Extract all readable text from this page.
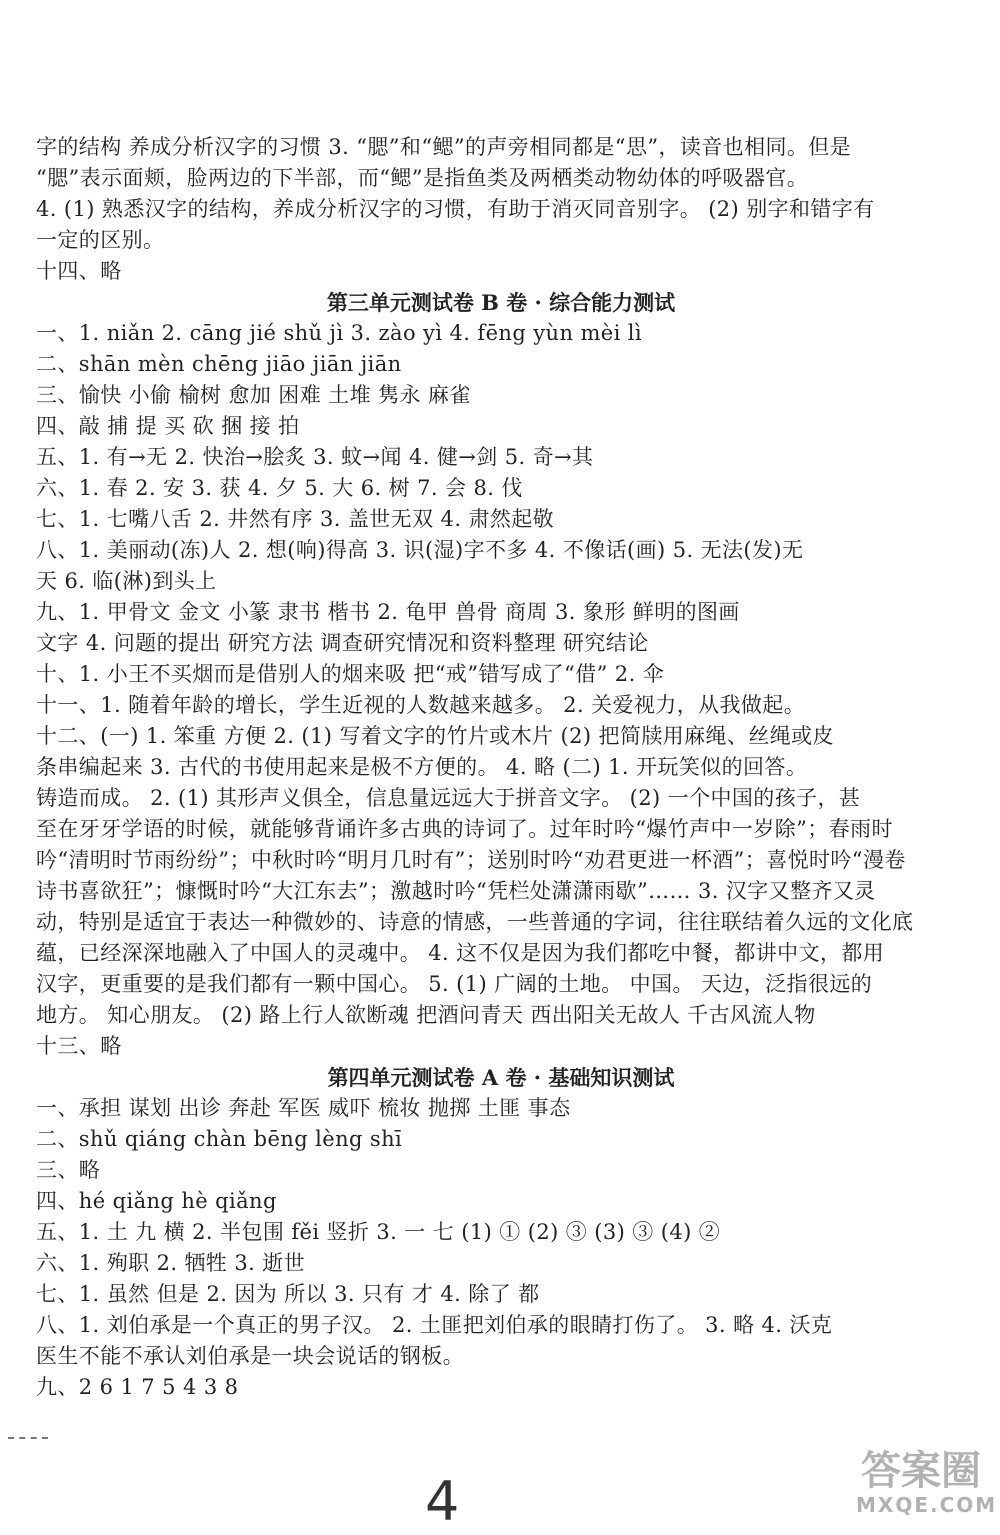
字的结构 养成分析汉字的习惯 3. “腮”和“鳃”的声旁相同都是“思”，读音也相同。但是
“腮”表示面颊，脸两边的下半部，而“鳃”是指鱼类及两栖类动物幼体的呼吸器官。
4. (1) 熟悉汉字的结构，养成分析汉字的习惯，有助于消灭同音别字。 (2) 别字和错字有
一定的区别。
十四、略
第三单元测试卷 B 卷 · 综合能力测试
一、1. niǎn 2. cāng jié shǔ jì 3. zào yì 4. fēng yùn mèi lì
二、shān mèn chēng jiāo jiān jiān
三、愉快 小偷 榆树 愈加 困难 土堆 隽永 麻雀
四、敲 捕 提 买 砍 捆 接 拍
五、1. 有→无 2. 快治→脍炙 3. 蚊→闻 4. 健→剑 5. 奇→其
六、1. 春 2. 安 3. 获 4. 夕 5. 大 6. 树 7. 会 8. 伐
七、1. 七嘴八舌 2. 井然有序 3. 盖世无双 4. 肃然起敬
八、1. 美丽动(冻)人 2. 想(响)得高 3. 识(湿)字不多 4. 不像话(画) 5. 无法(发)无
天 6. 临(淋)到头上
九、1. 甲骨文 金文 小篆 隶书 楷书 2. 龟甲 兽骨 商周 3. 象形 鲜明的图画
文字 4. 问题的提出 研究方法 调查研究情况和资料整理 研究结论
十、1. 小王不买烟而是借别人的烟来吸 把“戒”错写成了“借” 2. 伞
十一、1. 随着年龄的增长，学生近视的人数越来越多。 2. 关爱视力，从我做起。
十二、(一) 1. 笨重 方便 2. (1) 写着文字的竹片或木片 (2) 把简牍用麻绳、丝绳或皮
条串编起来 3. 古代的书使用起来是极不方便的。 4. 略 (二) 1. 开玩笑似的回答。
铸造而成。 2. (1) 其形声义俱全，信息量远远大于拼音文字。 (2) 一个中国的孩子，甚
至在牙牙学语的时候，就能够背诵许多古典的诗词了。过年时吟“爆竹声中一岁除”；春雨时
吟“清明时节雨纷纷”；中秋时吟“明月几时有”；送别时吟“劝君更进一杯酒”；喜悦时吟“漫卷
诗书喜欲狂”；慷慨时吟“大江东去”；激越时吟“凭栏处潇潇雨歇”…… 3. 汉字又整齐又灵
动，特别是适宜于表达一种微妙的、诗意的情感，一些普通的字词，往往联结着久远的文化底
蕴，已经深深地融入了中国人的灵魂中。 4. 这不仅是因为我们都吃中餐，都讲中文，都用
汉字，更重要的是我们都有一颗中国心。 5. (1) 广阔的土地。 中国。 天边，泛指很远的
地方。 知心朋友。 (2) 路上行人欲断魂 把酒问青天 西出阳关无故人 千古风流人物
十三、略
第四单元测试卷 A 卷 · 基础知识测试
一、承担 谋划 出诊 奔赴 军医 威吓 梳妆 抛掷 土匪 事态
二、shǔ qiáng chàn bēng lèng shī
三、略
四、hé qiǎng hè qiǎng
五、1. 土 九 横 2. 半包围 fěi 竖折 3. ⼀ 七 (1) ① (2) ③ (3) ③ (4) ②
六、1. 殉职 2. 牺牲 3. 逝世
七、1. 虽然 但是 2. 因为 所以 3. 只有 才 4. 除了 都
八、1. 刘伯承是一个真正的男子汉。 2. 土匪把刘伯承的眼睛打伤了。 3. 略 4. 沃克
医生不能不承认刘伯承是一块会说话的钢板。
九、2 6 1 7 5 4 3 8
4	答案圈
MXQE.COM
